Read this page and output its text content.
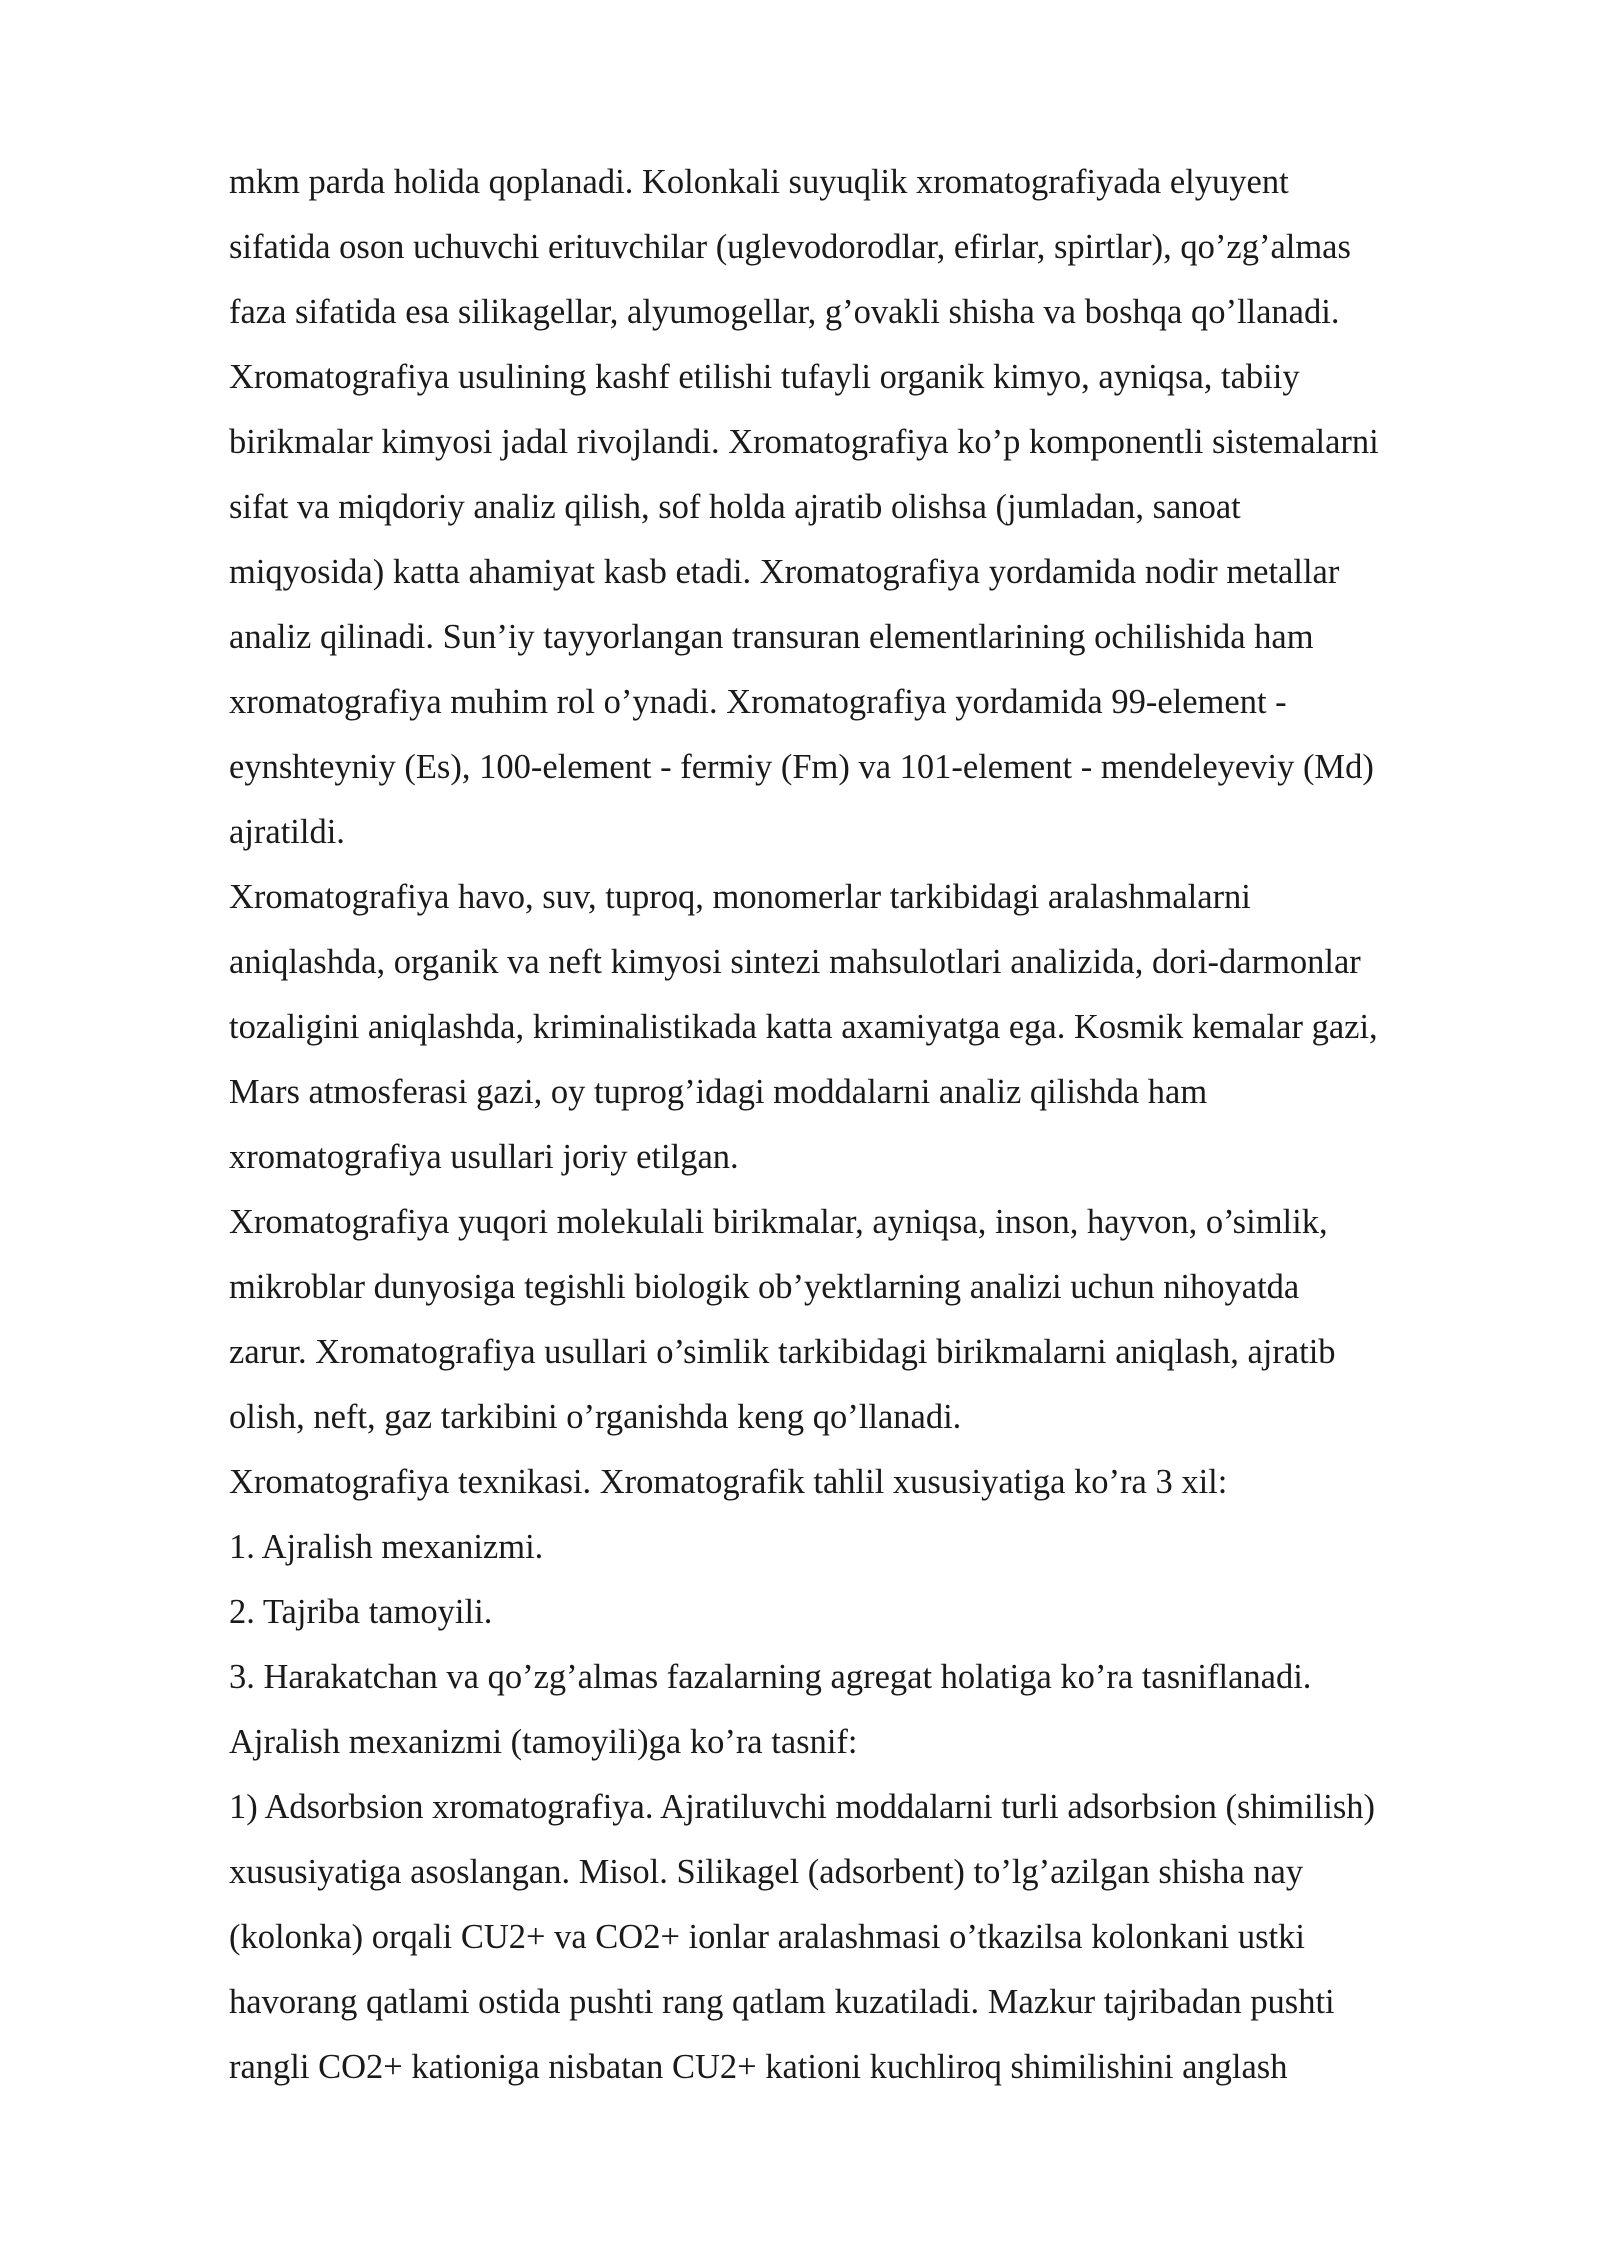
mkm parda holida qoplanadi. Kolonkali suyuqlik xromatografiyada elyuyent
sifatida oson uchuvchi erituvchilar (uglevodorodlar, efirlar, spirtlar), qo’zg’almas
faza sifatida esa silikagellar, alyumogellar, g’ovakli shisha va boshqa qo’llanadi.
Xromatografiya usulining kashf etilishi tufayli organik kimyo, ayniqsa, tabiiy
birikmalar kimyosi jadal rivojlandi. Xromatografiya ko’p komponentli sistemalarni
sifat va miqdoriy analiz qilish, sof holda ajratib olishsa (jumladan, sanoat
miqyosida) katta ahamiyat kasb etadi. Xromatografiya yordamida nodir metallar
analiz qilinadi. Sun’iy tayyorlangan transuran elementlarining ochilishida ham
xromatografiya muhim rol o’ynadi. Xromatografiya yordamida 99-element -
eynshteyniy (Es), 100-element - fermiy (Fm) va 101-element - mendeleyeviy (Md)
ajratildi.
Xromatografiya havo, suv, tuproq, monomerlar tarkibidagi aralashmalarni
aniqlashda, organik va neft kimyosi sintezi mahsulotlari analizida, dori-darmonlar
tozaligini aniqlashda, kriminalistikada katta axamiyatga ega. Kosmik kemalar gazi,
Mars atmosferasi gazi, oy tuprog’idagi moddalarni analiz qilishda ham
xromatografiya usullari joriy etilgan.
Xromatografiya yuqori molekulali birikmalar, ayniqsa, inson, hayvon, o’simlik,
mikroblar dunyosiga tegishli biologik ob’yektlarning analizi uchun nihoyatda
zarur. Xromatografiya usullari o’simlik tarkibidagi birikmalarni aniqlash, ajratib
olish, neft, gaz tarkibini o’rganishda keng qo’llanadi.
Xromatografiya texnikasi. Xromatografik tahlil xususiyatiga ko’ra 3 xil:
1. Ajralish mexanizmi.
2. Tajriba tamoyili.
3. Harakatchan va qo’zg’almas fazalarning agregat holatiga ko’ra tasniflanadi.
Ajralish mexanizmi (tamoyili)ga ko’ra tasnif:
1) Adsorbsion xromatografiya. Ajratiluvchi moddalarni turli adsorbsion (shimilish)
xususiyatiga asoslangan. Misol. Silikagel (adsorbent) to’lg’azilgan shisha nay
(kolonka) orqali CU2+ va CO2+ ionlar aralashmasi o’tkazilsa kolonkani ustki
havorang qatlami ostida pushti rang qatlam kuzatiladi. Mazkur tajribadan pushti
rangli CO2+ kationiga nisbatan CU2+ kationi kuchliroq shimilishini anglash
